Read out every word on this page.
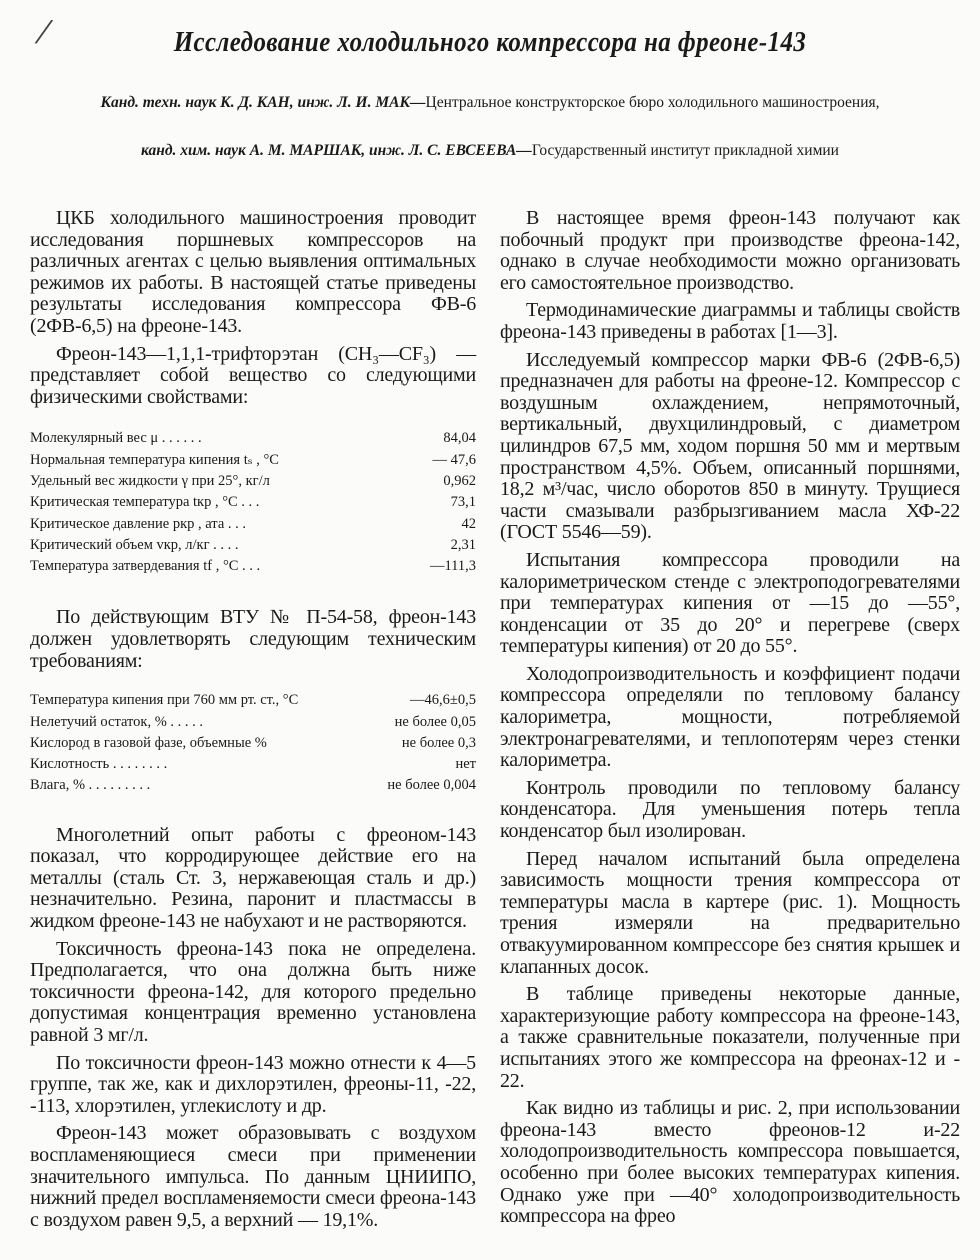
/	Исследование холодильного компрессора на фреоне-143
Канд. техн. наук К. Д. КАН, инж. Л. И. МАК—Центральное конструкторское бюро холодильного машиностроения,
канд. хим. наук А. М. МАРШАК, инж. Л. С. ЕВСЕЕВА—Государственный институт прикладной химии

ЦКБ холодильного машиностроения проводит исследования поршневых компрессоров на различных агентах с целью выявления оптимальных режимов их работы. В настоящей статье приведены результаты исследования компрессора ФВ-6 (2ФВ-6,5) на фреоне-143.

Фреон-143—1,1,1-трифторэтан (CH₃—CF₃) — представляет собой вещество со следующими физическими свойствами:

Молекулярный вес μ . . . . . .	84,04
Нормальная температура кипения tₛ , °С	— 47,6
Удельный вес жидкости γ при 25°, кг/л	0,962
Критическая температура tкр , °С . . .	73,1
Критическое давление pкр , ата . . .	42
Критический объем vкр, л/кг . . . .	2,31
Температура затвердевания tf , °С . . .	—111,3

По действующим ВТУ № П-54-58, фреон-143 должен удовлетворять следующим техническим требованиям:

Температура кипения при 760 мм рт. ст., °С	—46,6±0,5
Нелетучий остаток, % . . . . .	не более 0,05
Кислород в газовой фазе, объемные %	не более 0,3
Кислотность . . . . . . . .	нет
Влага, % . . . . . . . . .	не более 0,004

Многолетний опыт работы с фреоном-143 показал, что корродирующее действие его на металлы (сталь Ст. 3, нержавеющая сталь и др.) незначительно. Резина, паронит и пластмассы в жидком фреоне-143 не набухают и не растворяются.

Токсичность фреона-143 пока не определена. Предполагается, что она должна быть ниже токсичности фреона-142, для которого предельно допустимая концентрация временно установлена равной 3 мг/л.

По токсичности фреон-143 можно отнести к 4—5 группе, так же, как и дихлорэтилен, фреоны-11, -22, -113, хлорэтилен, углекислоту и др.

Фреон-143 может образовывать с воздухом воспламеняющиеся смеси при применении значительного импульса. По данным ЦНИИПО, нижний предел воспламеняемости смеси фреона-143 с воздухом равен 9,5, а верхний — 19,1%.

В настоящее время фреон-143 получают как побочный продукт при производстве фреона-142, однако в случае необходимости можно организовать его самостоятельное производство.

Термодинамические диаграммы и таблицы свойств фреона-143 приведены в работах [1—3].

Исследуемый компрессор марки ФВ-6 (2ФВ-6,5) предназначен для работы на фреоне-12. Компрессор с воздушным охлаждением, непрямоточный, вертикальный, двухцилиндровый, с диаметром цилиндров 67,5 мм, ходом поршня 50 мм и мертвым пространством 4,5%. Объем, описанный поршнями, 18,2 м³/час, число оборотов 850 в минуту. Трущиеся части смазывали разбрызгиванием масла ХФ-22 (ГОСТ 5546—59).

Испытания компрессора проводили на калориметрическом стенде с электроподогревателями при температурах кипения от —15 до —55°, конденсации от 35 до 20° и перегреве (сверх температуры кипения) от 20 до 55°.

Холодопроизводительность и коэффициент подачи компрессора определяли по тепловому балансу калориметра, мощности, потребляемой электронагревателями, и теплопотерям через стенки калориметра.

Контроль проводили по тепловому балансу конденсатора. Для уменьшения потерь тепла конденсатор был изолирован.

Перед началом испытаний была определена зависимость мощности трения компрессора от температуры масла в картере (рис. 1). Мощность трения измеряли на предварительно отвакуумированном компрессоре без снятия крышек и клапанных досок.

В таблице приведены некоторые данные, характеризующие работу компрессора на фреоне-143, а также сравнительные показатели, полученные при испытаниях этого же компрессора на фреонах-12 и - 22.

Как видно из таблицы и рис. 2, при использовании фреона-143 вместо фреонов-12 и-22 холодопроизводительность компрессора повышается, особенно при более высоких температурах кипения. Однако уже при —40° холодопроизводительность компрессора на фрео
